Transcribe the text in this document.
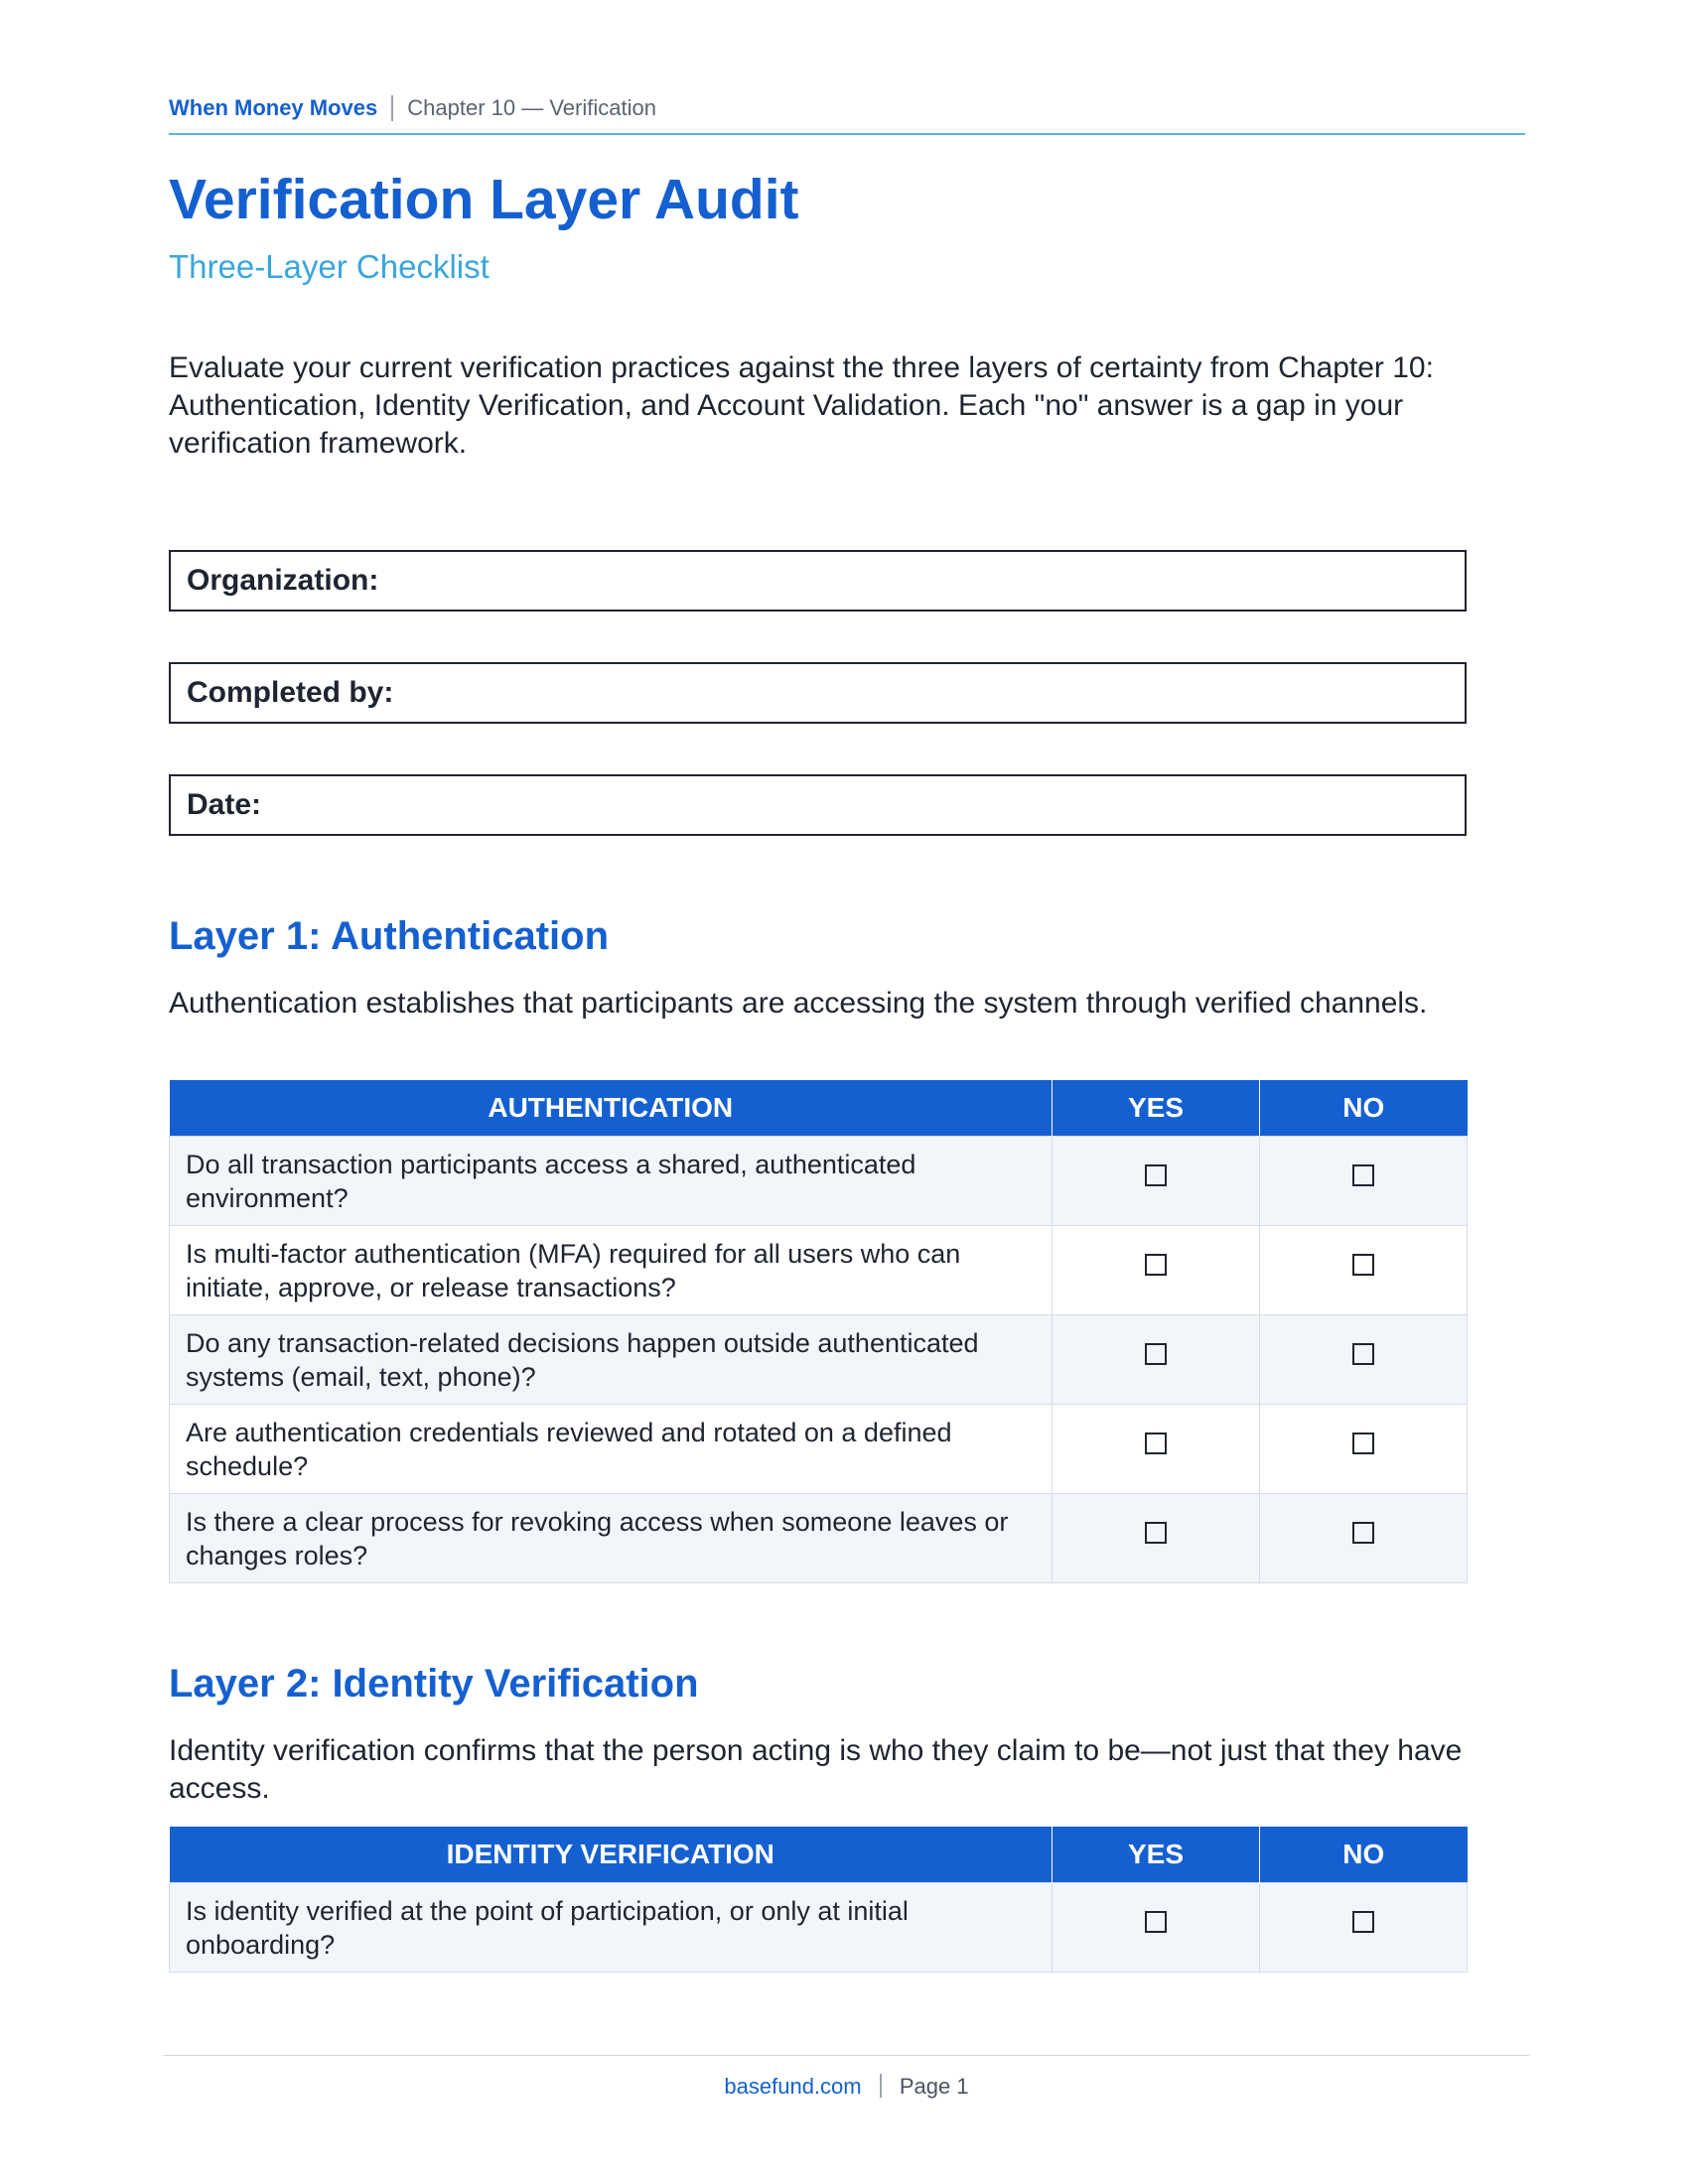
When Money Moves Chapter 10 — Verification
Verification Layer Audit
Three-Layer Checklist
Evaluate your current verification practices against the three layers of certainty from Chapter 10: Authentication, Identity Verification, and Account Validation. Each "no" answer is a gap in your verification framework.
Organization:
Completed by:
Date:
Layer 1: Authentication
Authentication establishes that participants are accessing the system through verified channels.
AUTHENTICATION	YES	NO
Do all transaction participants access a shared, authenticated environment?		
Is multi-factor authentication (MFA) required for all users who can initiate, approve, or release transactions?		
Do any transaction-related decisions happen outside authenticated systems (email, text, phone)?		
Are authentication credentials reviewed and rotated on a defined schedule?		
Is there a clear process for revoking access when someone leaves or changes roles?		
Layer 2: Identity Verification
Identity verification confirms that the person acting is who they claim to be—not just that they have access.
IDENTITY VERIFICATION	YES	NO
Is identity verified at the point of participation, or only at initial onboarding?		
basefund.com Page 1
